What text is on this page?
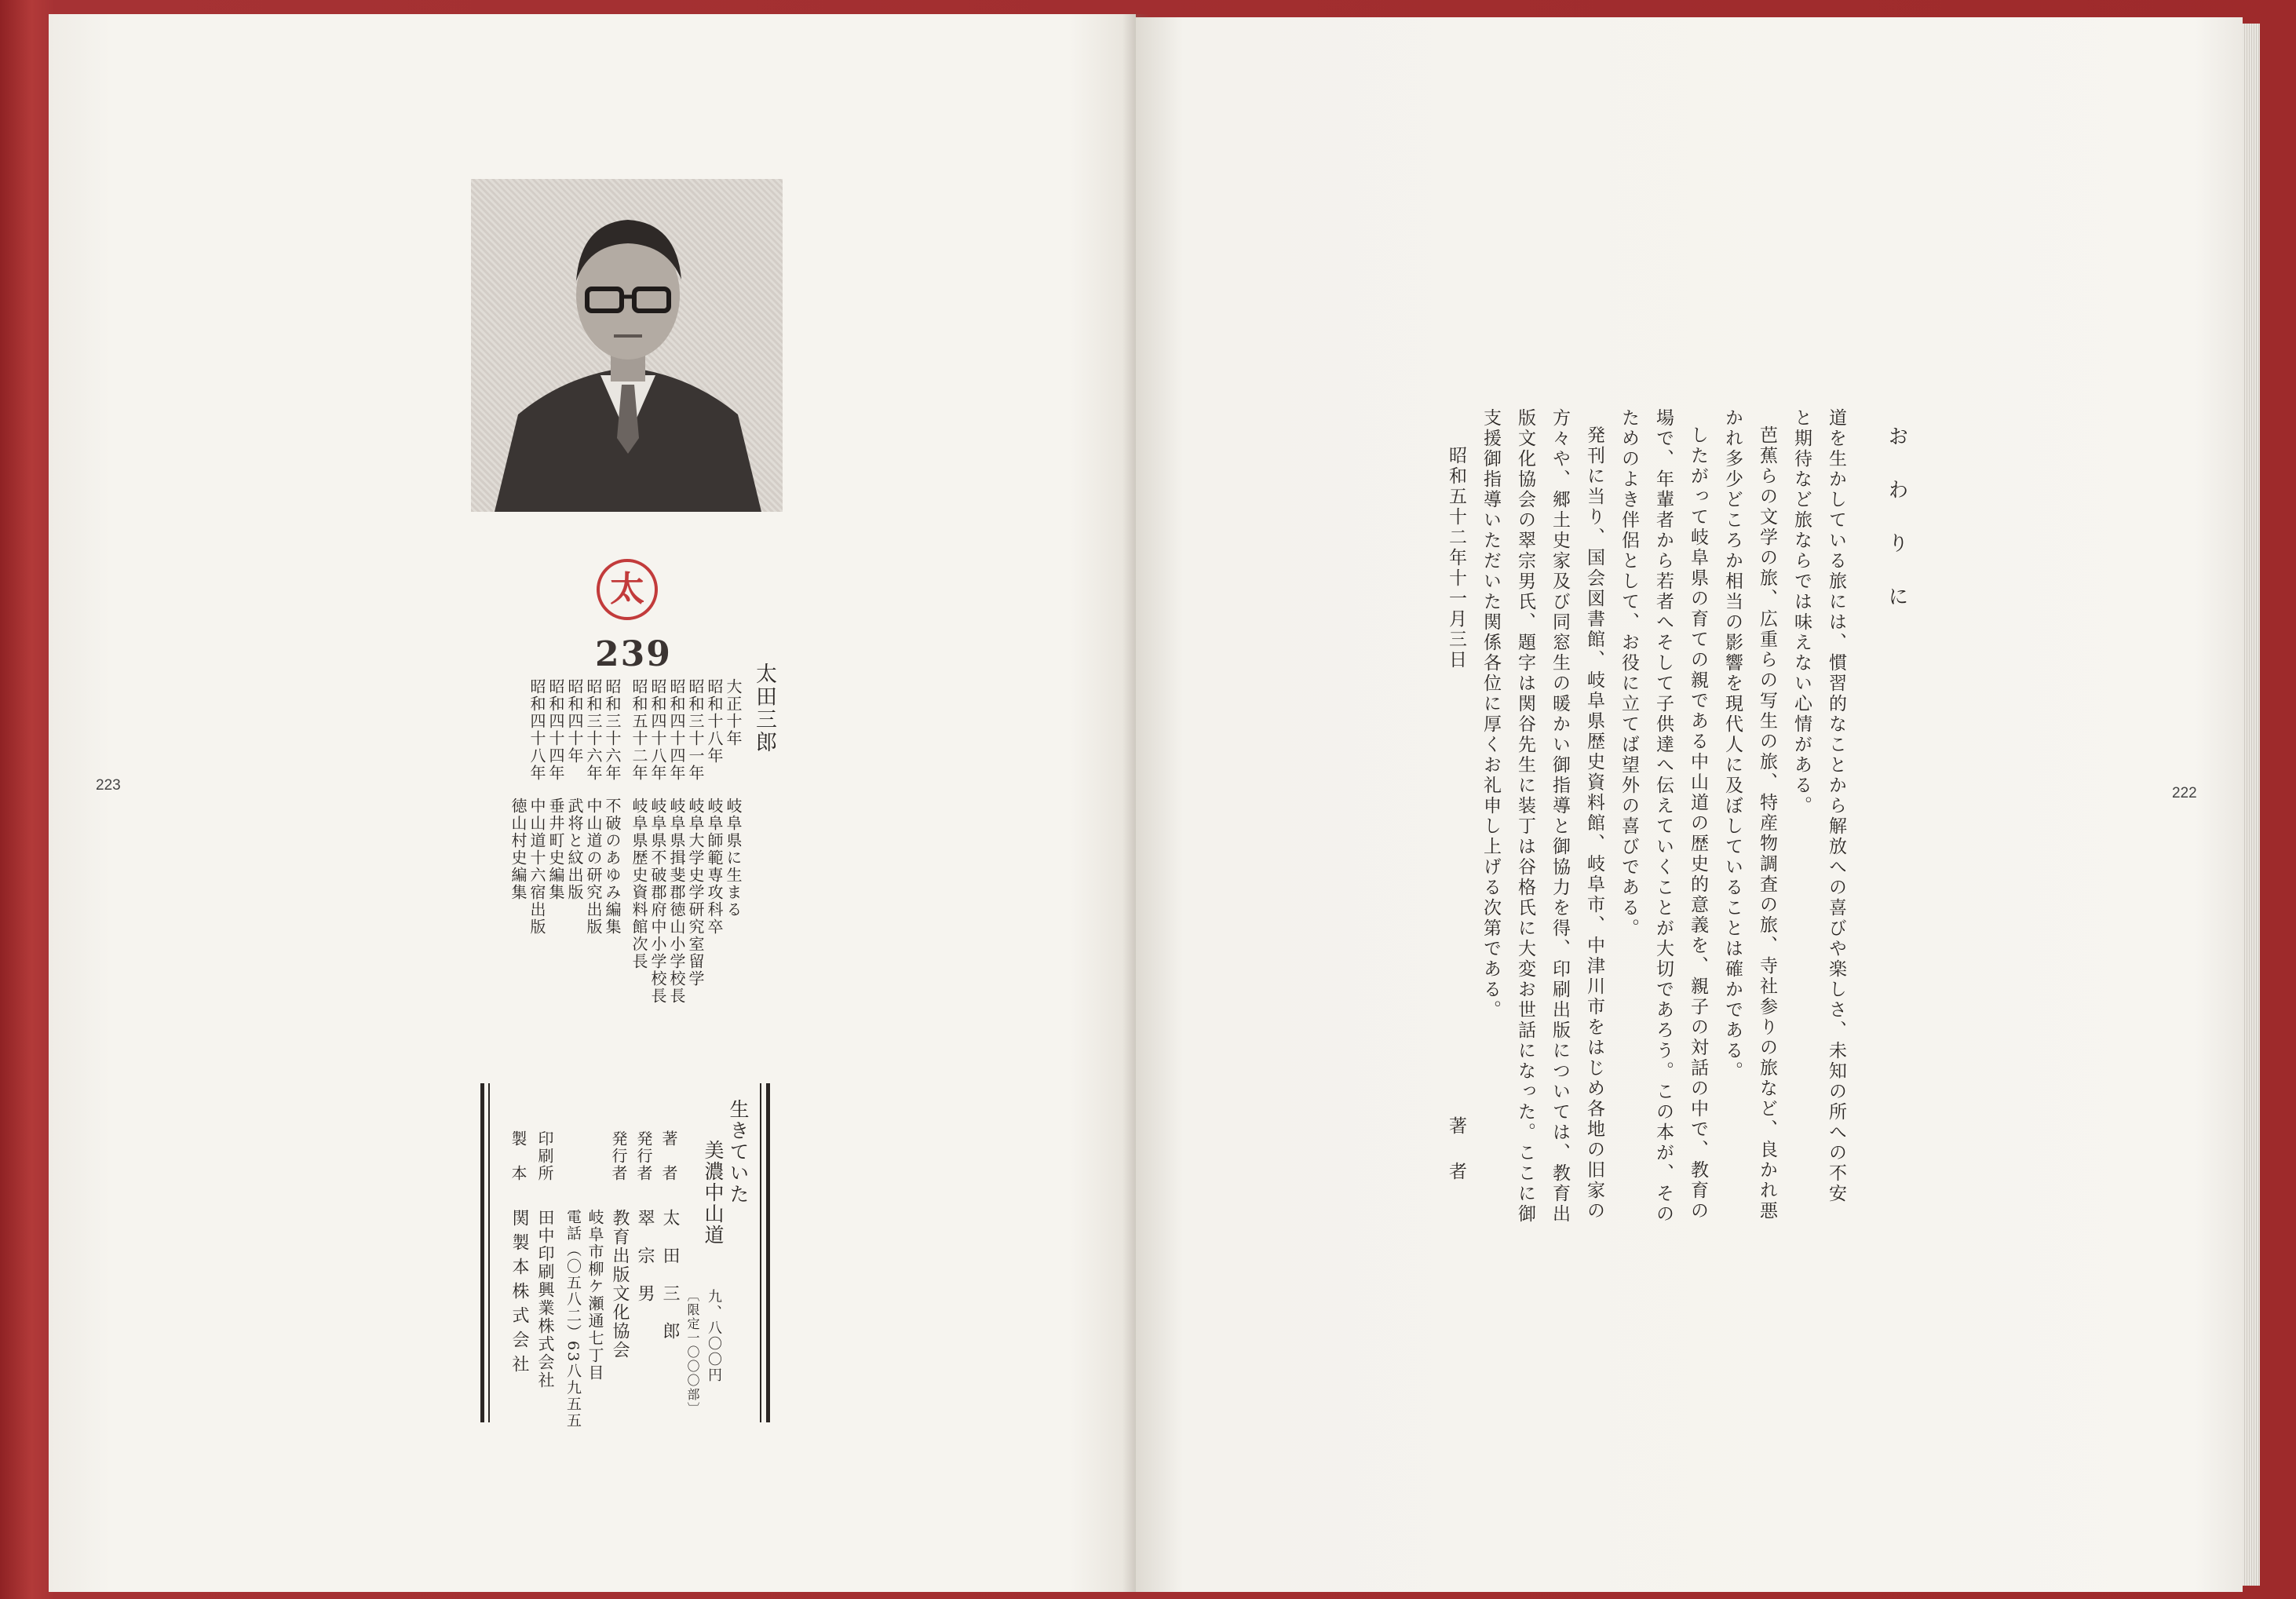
223
太
239
太田三郎
大正十年
昭和十八年
昭和三十一年
昭和四十四年
昭和四十八年
昭和五十二年
昭和三十六年
昭和三十六年
昭和四十年
昭和四十四年
昭和四十八年
岐阜県に生まる
岐阜師範専攻科卒
岐阜大学史学研究室留学
岐阜県揖斐郡徳山小学校長
岐阜県不破郡府中小学校長
岐阜県歴史資料館次長
不破のあゆみ編集
中山道の研究出版
武将と紋出版
垂井町史編集
中山道十六宿出版
徳山村史編集
生きていた
美濃中山道
九、八〇〇円
〔限定一〇〇〇部〕
著　者
太　田　三　郎
発行者
翠　宗　男
発行者
教育出版文化協会
岐阜市柳ケ瀬通七丁目
電話（〇五八二）63八九五五
印刷所
田中印刷興業株式会社
製　本
関製本株式会社
222
お　わ　り　に
道を生かしている旅には、慣習的なことから解放への喜びや楽しさ、未知の所への不安
と期待など旅ならでは味えない心情がある。
芭蕉らの文学の旅、広重らの写生の旅、特産物調査の旅、寺社参りの旅など、良かれ悪
かれ多少どころか相当の影響を現代人に及ぼしていることは確かである。
したがって岐阜県の育ての親である中山道の歴史的意義を、親子の対話の中で、教育の
場で、年輩者から若者へそして子供達へ伝えていくことが大切であろう。この本が、その
ためのよき伴侶として、お役に立てば望外の喜びである。
発刊に当り、国会図書館、岐阜県歴史資料館、岐阜市、中津川市をはじめ各地の旧家の
方々や、郷土史家及び同窓生の暖かい御指導と御協力を得、印刷出版については、教育出
版文化協会の翠宗男氏、題字は関谷先生に装丁は谷格氏に大変お世話になった。ここに御
支援御指導いただいた関係各位に厚くお礼申し上げる次第である。
昭和五十二年十一月三日
著　者
